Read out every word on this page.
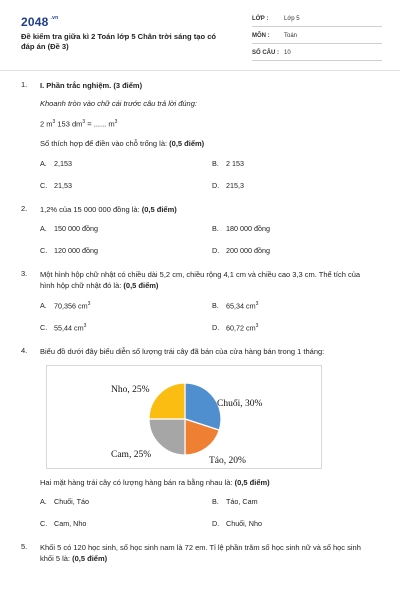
2048 $^{.vn}$
Đề kiểm tra giữa kì 2 Toán lớp 5 Chân trời sáng tạo có đáp án (Đề 3)
LỚP :	Lớp 5
MÔN : Toán
SỐ CÂU : 10
1.	I. Phần trắc nghiệm. (3 điểm)
Khoanh tròn vào chữ cái trước câu trả lời đúng:
2 $m^3$ 153 $dm^3$ = ...... $m^3$
Số thích hợp để điền vào chỗ trống là: (0,5 điểm)
A. 2,153	B. 2 153
C. 21,53	D. 215,3
2.	1,2% của 15 000 000 đồng là: (0,5 điểm)
A. 150 000 đồng	B. 180 000 đồng
C. 120 000 đồng	D. 200 000 đồng
3.	Một hình hộp chữ nhật có chiều dài 5,2 cm, chiều rộng 4,1 cm và chiều cao 3,3 cm. Thể tích của
hình hộp chữ nhật đó là: (0,5 điểm)
A. 70,356 $cm^3$	B. 65,34 $cm^3$
C. 55,44 $cm^3$	D. 60,72 $cm^3$
4.	Biểu đồ dưới đây biểu diễn số lượng trái cây đã bán của cửa hàng bán trong 1 tháng:
Chuối, 30%
Táo, 20%
Cam, 25%
Nho, 25%
Hai mặt hàng trái cây có lượng hàng bán ra bằng nhau là: (0,5 điểm)
A. Chuối, Táo	B. Táo, Cam
C. Cam, Nho	D. Chuối, Nho
5.	Khối 5 có 120 học sinh, số học sinh nam là 72 em. Tỉ lệ phần trăm số học sinh nữ và số học sinh
khối 5 là: (0,5 điểm)
